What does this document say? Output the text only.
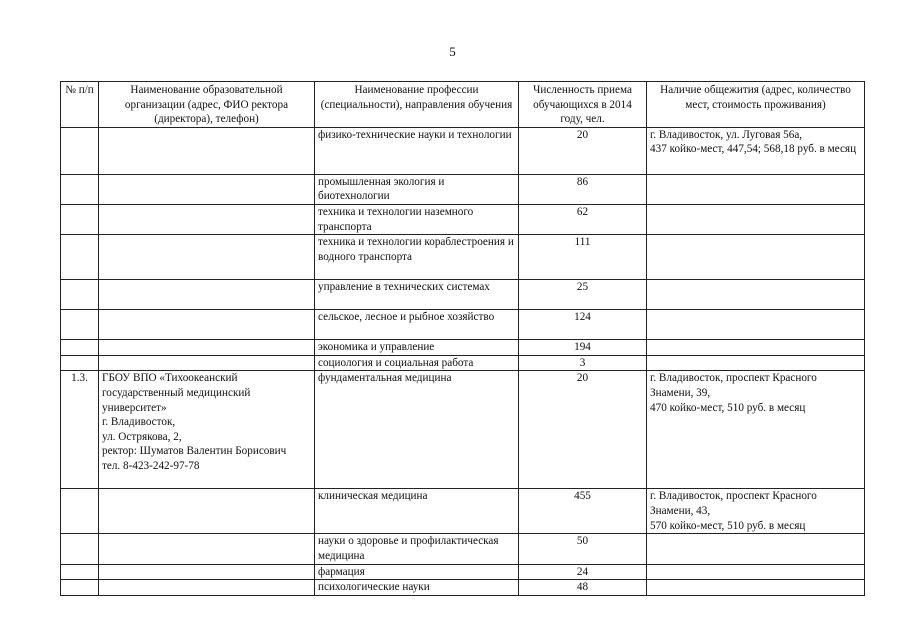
5
№ п/п	Наименование образовательной организации (адрес, ФИО ректора (директора), телефон)	Наименование профессии (специальности), направления обучения	Численность приема обучающихся в 2014 году, чел.	Наличие общежития (адрес, количество мест, стоимость проживания)
		физико-технические науки и технологии	20	г. Владивосток, ул. Луговая 56а,
437 койко-мест, 447,54; 568,18 руб. в месяц
		промышленная экология и биотехнологии	86	
		техника и технологии наземного транспорта	62	
		техника и технологии кораблестроения и водного транспорта	111	
		управление в технических системах	25	
		сельское, лесное и рыбное хозяйство	124	
		экономика и управление	194	
		социология и социальная работа	3	
1.3.	ГБОУ ВПО «Тихоокеанский государственный медицинский университет»
г. Владивосток,
ул. Острякова, 2,
ректор: Шуматов Валентин Борисович
тел. 8-423-242-97-78	фундаментальная медицина	20	г. Владивосток, проспект Красного Знамени, 39,
470 койко-мест, 510 руб. в месяц
		клиническая медицина	455	г. Владивосток, проспект Красного Знамени, 43,
570 койко-мест, 510 руб. в месяц
		науки о здоровье и профилактическая медицина	50	
		фармация	24	
		психологические науки	48	
